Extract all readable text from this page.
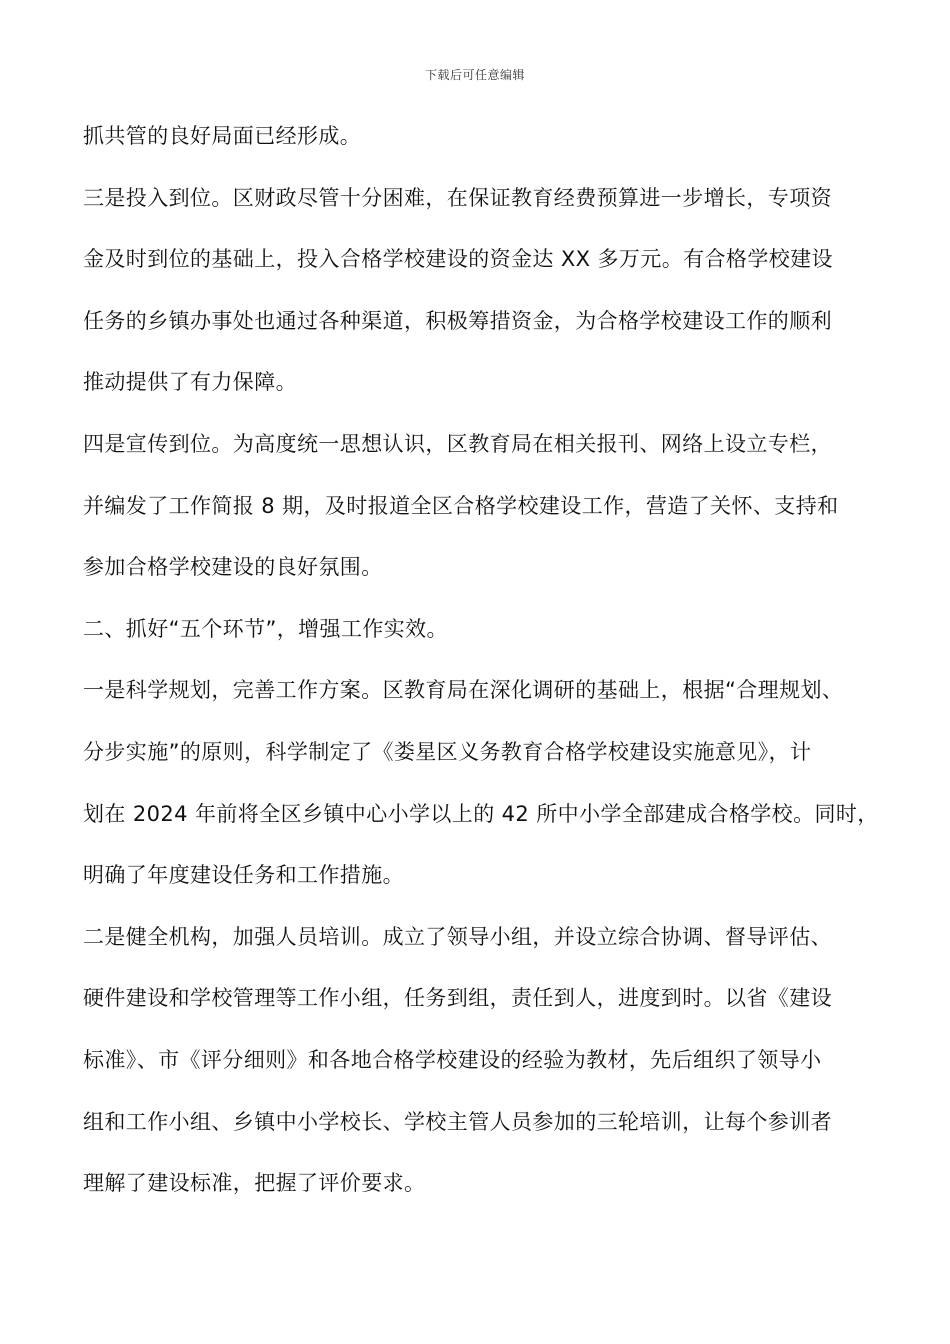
下载后可任意编辑
抓共管的良好局面已经形成。
三是投入到位。区财政尽管十分困难，在保证教育经费预算进一步增长，专项资
金及时到位的基础上，投入合格学校建设的资金达 XX 多万元。有合格学校建设
任务的乡镇办事处也通过各种渠道，积极筹措资金，为合格学校建设工作的顺利
推动提供了有力保障。
四是宣传到位。为高度统一思想认识，区教育局在相关报刊、网络上设立专栏，
并编发了工作简报 8 期，及时报道全区合格学校建设工作，营造了关怀、支持和
参加合格学校建设的良好氛围。
二、抓好“五个环节”，增强工作实效。
一是科学规划，完善工作方案。区教育局在深化调研的基础上，根据“合理规划、
分步实施”的原则，科学制定了《娄星区义务教育合格学校建设实施意见》，计
划在 2024 年前将全区乡镇中心小学以上的 42 所中小学全部建成合格学校。同时，
明确了年度建设任务和工作措施。
二是健全机构，加强人员培训。成立了领导小组，并设立综合协调、督导评估、
硬件建设和学校管理等工作小组，任务到组，责任到人，进度到时。以省《建设
标准》、市《评分细则》和各地合格学校建设的经验为教材，先后组织了领导小
组和工作小组、乡镇中小学校长、学校主管人员参加的三轮培训，让每个参训者
理解了建设标准，把握了评价要求。
